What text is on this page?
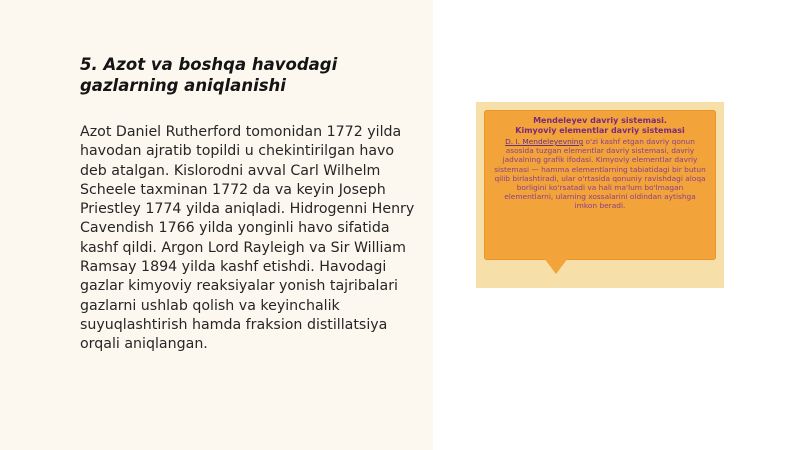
5. Azot va boshqa havodagi gazlarning aniqlanishi

Azot Daniel Rutherford tomonidan 1772 yilda havodan ajratib topildi u chekintirilgan havo deb atalgan. Kislorodni avval Carl Wilhelm Scheele taxminan 1772 da va keyin Joseph Priestley 1774 yilda aniqladi. Hidrogenni Henry Cavendish 1766 yilda yonginli havo sifatida kashf qildi. Argon Lord Rayleigh va Sir William Ramsay 1894 yilda kashf etishdi. Havodagi gazlar kimyoviy reaksiyalar yonish tajribalari gazlarni ushlab qolish va keyinchalik suyuqlashtirish hamda fraksion distillatsiya orqali aniqlangan.

Mendeleyev davriy sistemasi.
Kimyoviy elementlar davriy sistemasi
D. I. Mendeleyevning o'zi kashf etgan davriy qonun asosida tuzgan elementlar davriy sistemasi, davriy jadvalning grafik ifodasi. Kimyoviy elementlar davriy sistemasi — hamma elementlarning tabiatidagi bir butun qilib birlashtiradi, ular o'rtasida qonuniy ravishdagi aloqa borligini ko'rsatadi va hali ma'lum bo'lmagan elementlarni, ularning xossalarini oldindan aytishga imkon beradi.
